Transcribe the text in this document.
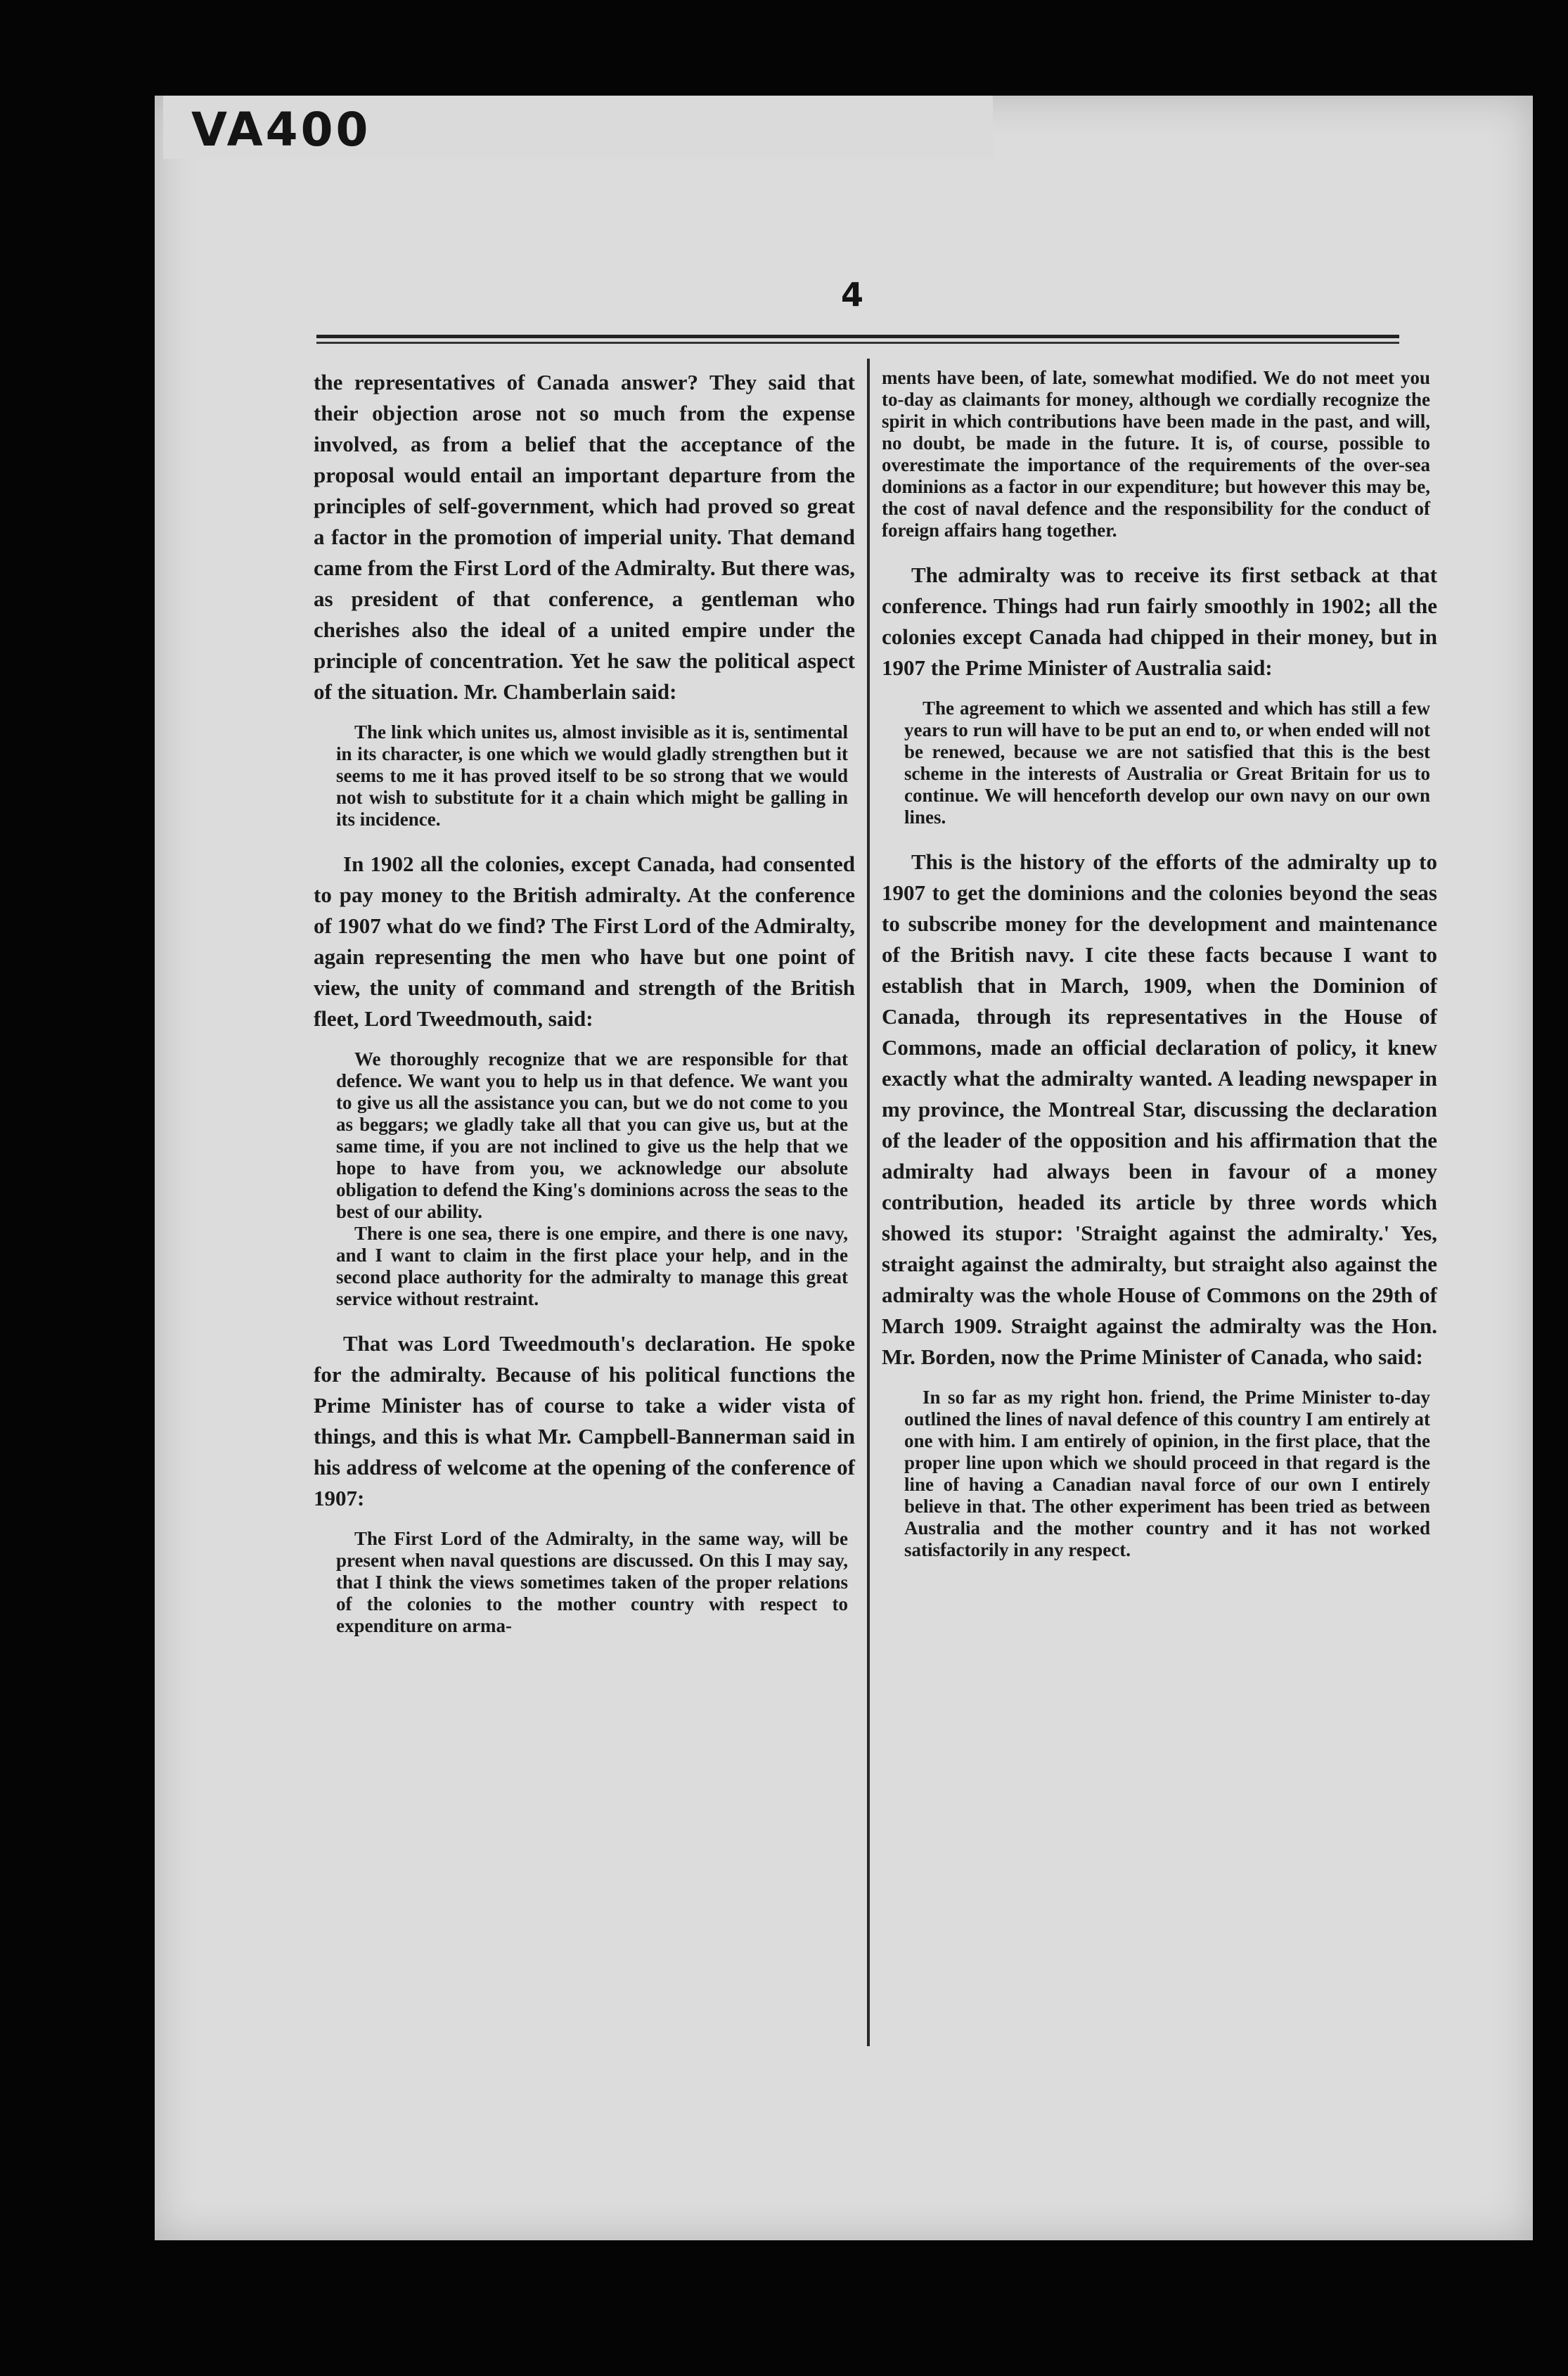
VA400
4

the representatives of Canada answer? They said that their objection arose not so much from the expense involved, as from a belief that the acceptance of the proposal would entail an important departure from the principles of self-government, which had proved so great a factor in the promotion of imperial unity. That demand came from the First Lord of the Admiralty. But there was, as president of that conference, a gentleman who cherishes also the ideal of a united empire under the principle of concentration. Yet he saw the political aspect of the situation. Mr. Chamberlain said:

The link which unites us, almost invisible as it is, sentimental in its character, is one which we would gladly strengthen but it seems to me it has proved itself to be so strong that we would not wish to substitute for it a chain which might be galling in its incidence.

In 1902 all the colonies, except Canada, had consented to pay money to the British admiralty. At the conference of 1907 what do we find? The First Lord of the Admiralty, again representing the men who have but one point of view, the unity of command and strength of the British fleet, Lord Tweedmouth, said:

We thoroughly recognize that we are responsible for that defence. We want you to help us in that defence. We want you to give us all the assistance you can, but we do not come to you as beggars; we gladly take all that you can give us, but at the same time, if you are not inclined to give us the help that we hope to have from you, we acknowledge our absolute obligation to defend the King's dominions across the seas to the best of our ability.
There is one sea, there is one empire, and there is one navy, and I want to claim in the first place your help, and in the second place authority for the admiralty to manage this great service without restraint.

That was Lord Tweedmouth's declaration. He spoke for the admiralty. Because of his political functions the Prime Minister has of course to take a wider vista of things, and this is what Mr. Campbell-Bannerman said in his address of welcome at the opening of the conference of 1907:

The First Lord of the Admiralty, in the same way, will be present when naval questions are discussed. On this I may say, that I think the views sometimes taken of the proper relations of the colonies to the mother country with respect to expenditure on arma-
ments have been, of late, somewhat modified. We do not meet you to-day as claimants for money, although we cordially recognize the spirit in which contributions have been made in the past, and will, no doubt, be made in the future. It is, of course, possible to overestimate the importance of the requirements of the over-sea dominions as a factor in our expenditure; but however this may be, the cost of naval defence and the responsibility for the conduct of foreign affairs hang together.

The admiralty was to receive its first setback at that conference. Things had run fairly smoothly in 1902; all the colonies except Canada had chipped in their money, but in 1907 the Prime Minister of Australia said:

The agreement to which we assented and which has still a few years to run will have to be put an end to, or when ended will not be renewed, because we are not satisfied that this is the best scheme in the interests of Australia or Great Britain for us to continue. We will henceforth develop our own navy on our own lines.

This is the history of the efforts of the admiralty up to 1907 to get the dominions and the colonies beyond the seas to subscribe money for the development and maintenance of the British navy. I cite these facts because I want to establish that in March, 1909, when the Dominion of Canada, through its representatives in the House of Commons, made an official declaration of policy, it knew exactly what the admiralty wanted. A leading newspaper in my province, the Montreal Star, discussing the declaration of the leader of the opposition and his affirmation that the admiralty had always been in favour of a money contribution, headed its article by three words which showed its stupor: 'Straight against the admiralty.' Yes, straight against the admiralty, but straight also against the admiralty was the whole House of Commons on the 29th of March 1909. Straight against the admiralty was the Hon. Mr. Borden, now the Prime Minister of Canada, who said:

In so far as my right hon. friend, the Prime Minister to-day outlined the lines of naval defence of this country I am entirely at one with him. I am entirely of opinion, in the first place, that the proper line upon which we should proceed in that regard is the line of having a Canadian naval force of our own I entirely believe in that. The other experiment has been tried as between Australia and the mother country and it has not worked satisfactorily in any respect.
